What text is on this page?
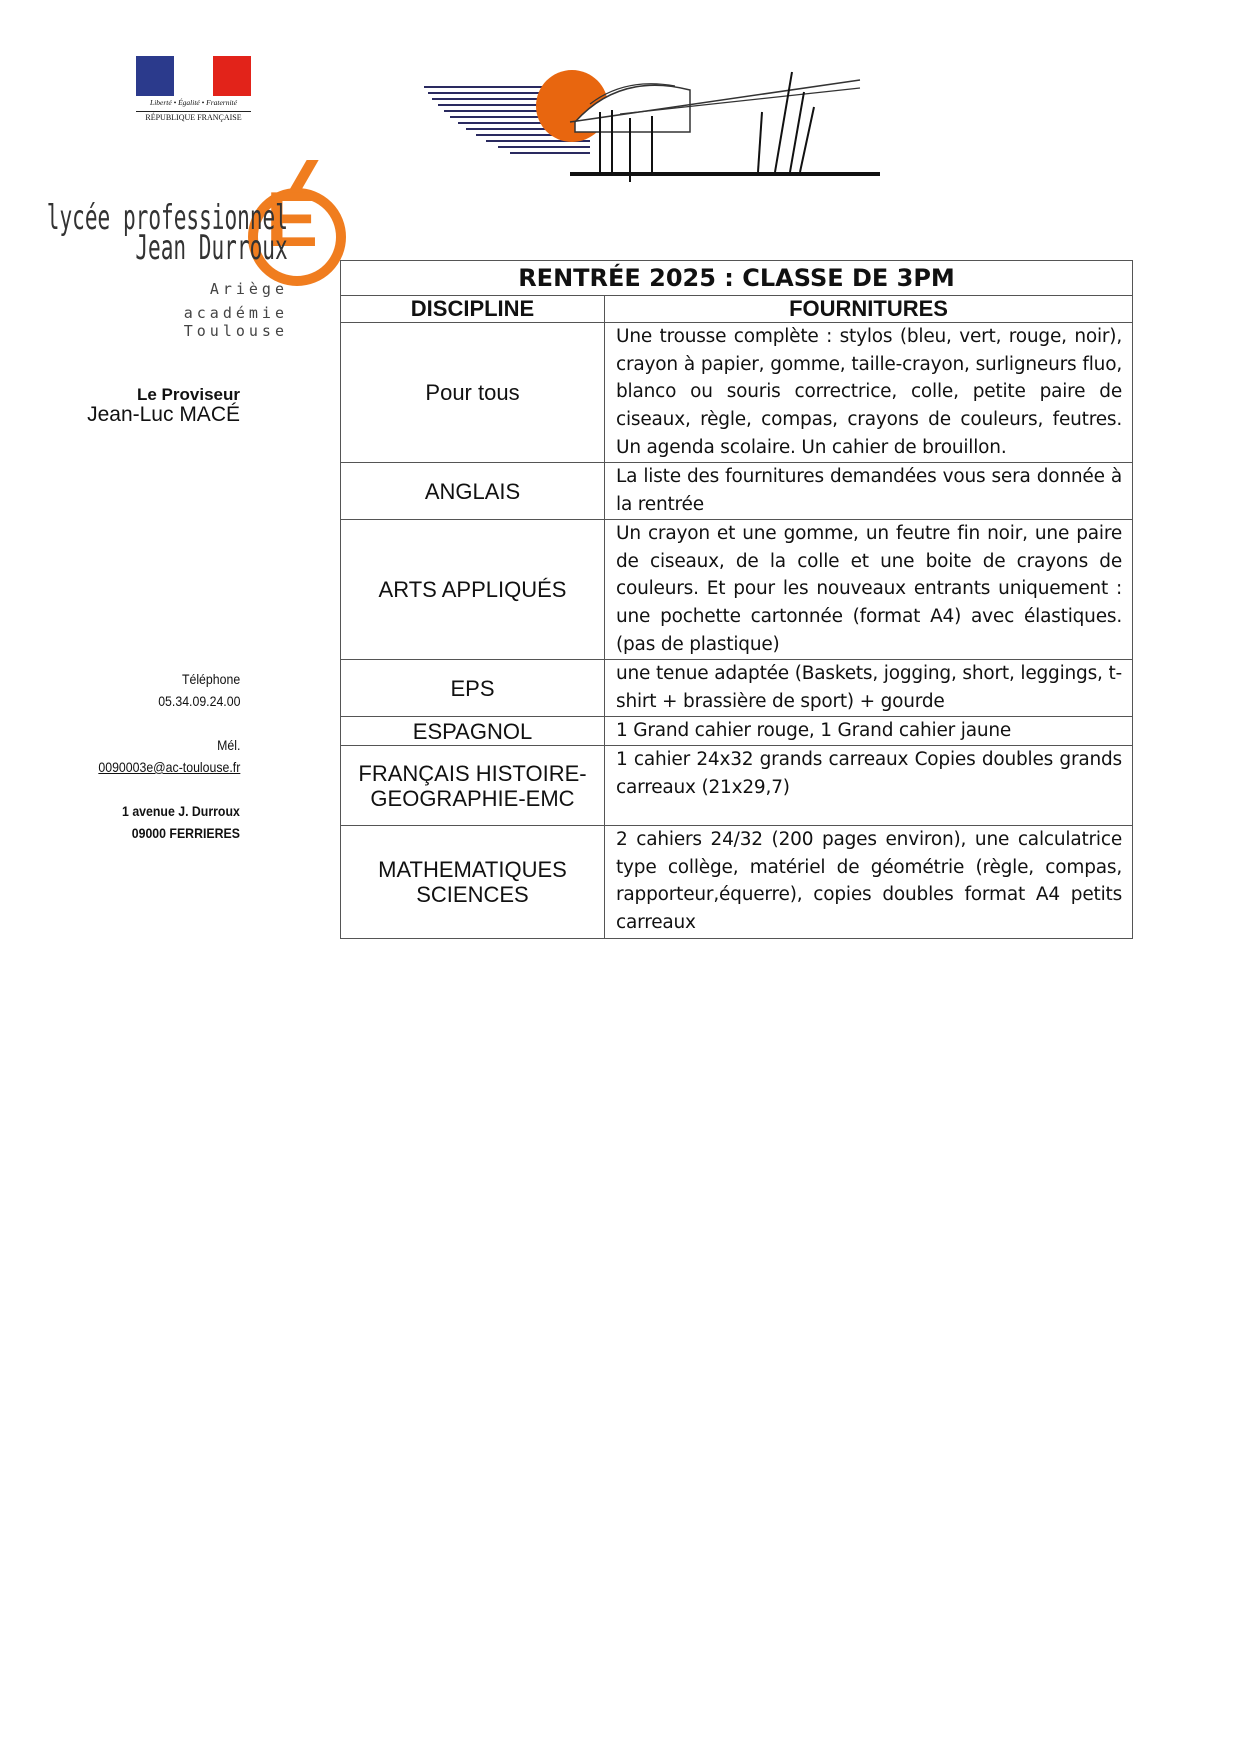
Liberté • Égalité • Fraternité
RÉPUBLIQUE FRANÇAISE
E
lycée professionnel
Jean Durroux
Ariège
académie
Toulouse
Le Proviseur
Jean-Luc MACÉ
Téléphone
05.34.09.24.00
Mél.
0090003e@ac-toulouse.fr
1 avenue J. Durroux
09000 FERRIERES
RENTRÉE 2025 : CLASSE DE 3PM	
DISCIPLINE	FOURNITURES
Pour tous	Une trousse complète : stylos (bleu, vert, rouge, noir), crayon à papier, gomme, taille-crayon, surligneurs fluo, blanco ou souris correctrice, colle, petite paire de ciseaux, règle, compas, crayons de couleurs, feutres. Un agenda scolaire. Un cahier de brouillon.
ANGLAIS	La liste des fournitures demandées vous sera donnée à la rentrée
ARTS APPLIQUÉS	Un crayon et une gomme, un feutre fin noir, une paire de ciseaux, de la colle et une boite de crayons de couleurs. Et pour les nouveaux entrants uniquement : une pochette cartonnée (format A4) avec élastiques. (pas de plastique)
EPS	une tenue adaptée (Baskets, jogging, short, leggings, t-shirt + brassière de sport) + gourde
ESPAGNOL	1 Grand cahier rouge, 1 Grand cahier jaune
FRANÇAIS HISTOIRE-GEOGRAPHIE-EMC	1 cahier 24x32 grands carreaux Copies doubles grands carreaux (21x29,7)
MATHEMATIQUES SCIENCES	2 cahiers 24/32 (200 pages environ), une calculatrice type collège, matériel de géométrie (règle, compas, rapporteur,équerre), copies doubles format A4 petits carreaux
